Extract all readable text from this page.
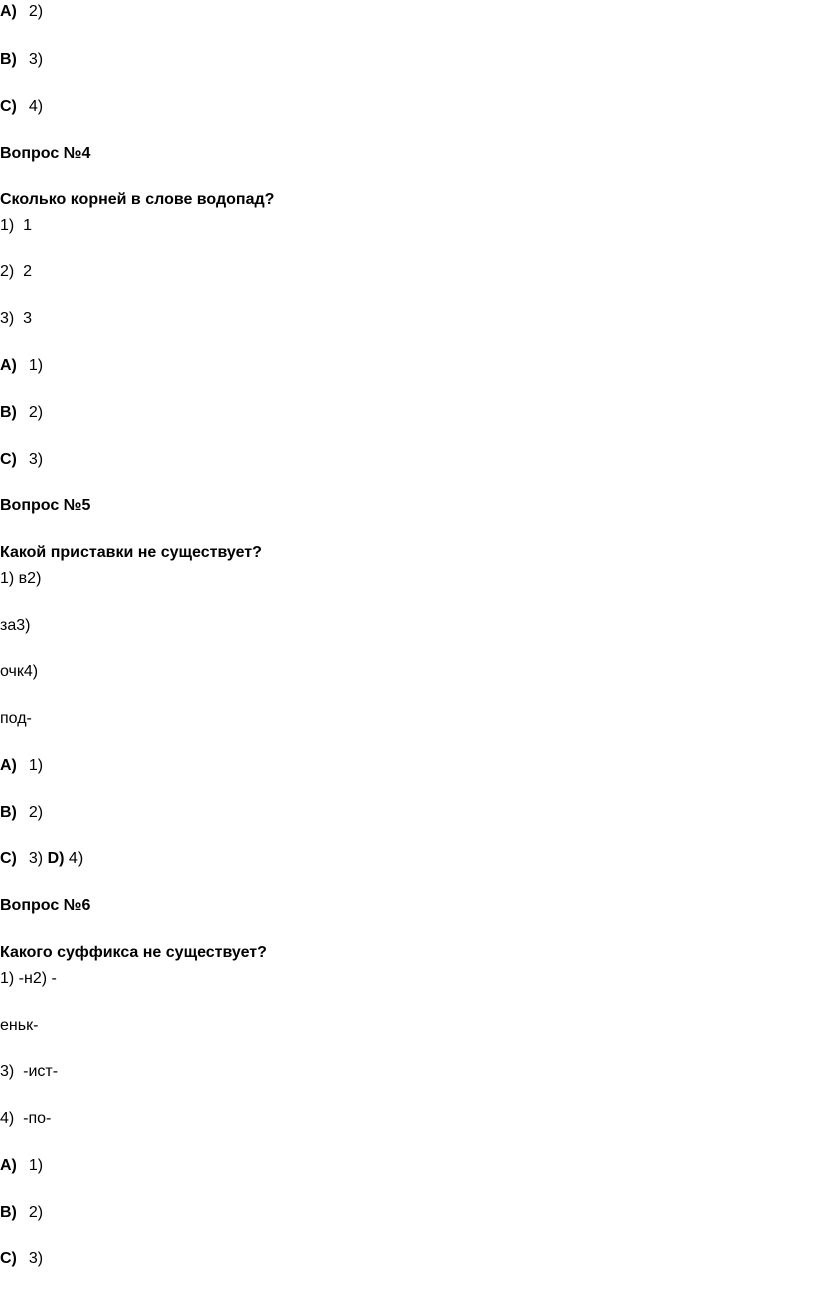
A) 2)
B) 3)
C) 4)
Вопрос №4
Сколько корней в слове водопад?
1)  1
2)  2
3)  3
A) 1)
B) 2)
C) 3)
Вопрос №5
Какой приставки не существует?
1) в2)
за3)
очк4)
под-
A) 1)
B) 2)
C) 3) D) 4)
Вопрос №6
Какого суффикса не существует?
1) -н2) -
еньк-
3)  -ист-
4)  -по-
A) 1)
B) 2)
C) 3)
